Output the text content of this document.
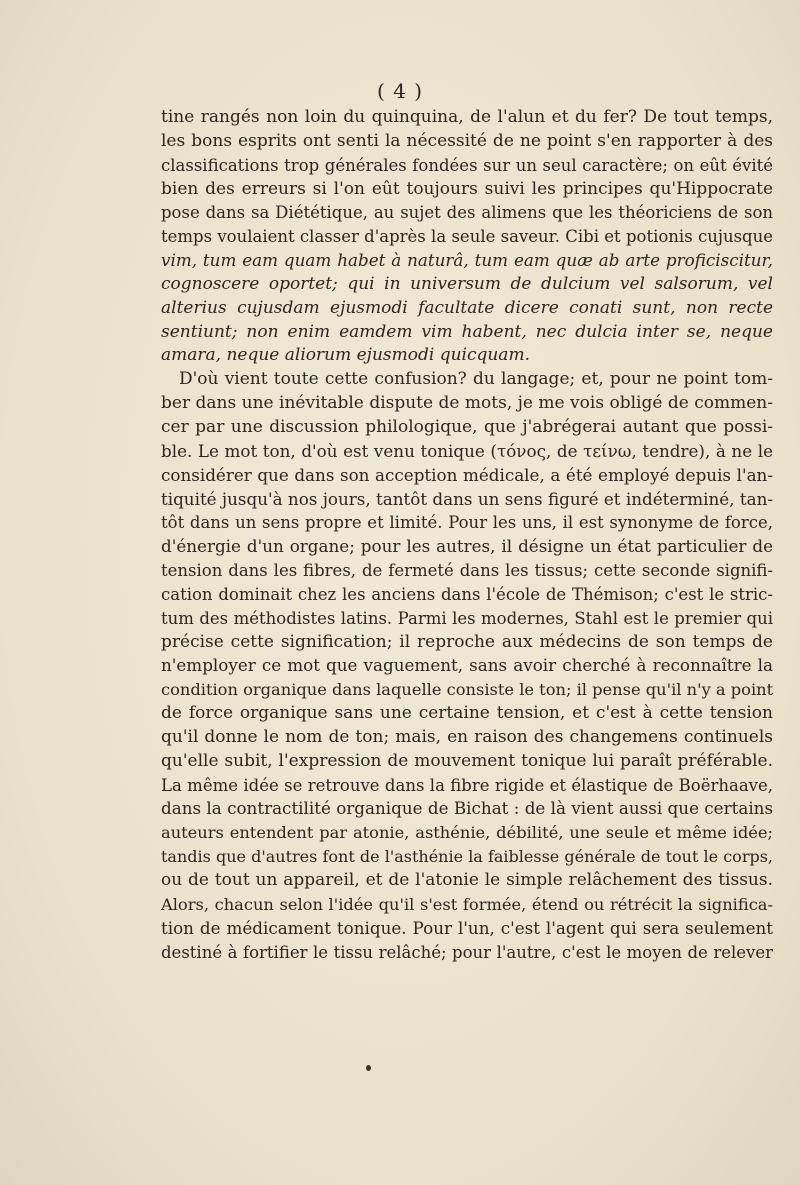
( 4 )
tine rangés non loin du quinquina, de l'alun et du fer? De tout temps,
les bons esprits ont senti la nécessité de ne point s'en rapporter à des
classifications trop générales fondées sur un seul caractère; on eût évité
bien des erreurs si l'on eût toujours suivi les principes qu'Hippocrate
pose dans sa Diététique, au sujet des alimens que les théoriciens de son
temps voulaient classer d'après la seule saveur. Cibi et potionis cujusque
vim, tum eam quam habet à naturâ, tum eam quæ ab arte proficiscitur,
cognoscere oportet; qui in universum de dulcium vel salsorum, vel
alterius cujusdam ejusmodi facultate dicere conati sunt, non recte
sentiunt; non enim eamdem vim habent, nec dulcia inter se, neque
amara, neque aliorum ejusmodi quicquam.
D'où vient toute cette confusion? du langage; et, pour ne point tom-
ber dans une inévitable dispute de mots, je me vois obligé de commen-
cer par une discussion philologique, que j'abrégerai autant que possi-
ble. Le mot ton, d'où est venu tonique (τόνος, de τείνω, tendre), à ne le
considérer que dans son acception médicale, a été employé depuis l'an-
tiquité jusqu'à nos jours, tantôt dans un sens figuré et indéterminé, tan-
tôt dans un sens propre et limité. Pour les uns, il est synonyme de force,
d'énergie d'un organe; pour les autres, il désigne un état particulier de
tension dans les fibres, de fermeté dans les tissus; cette seconde signifi-
cation dominait chez les anciens dans l'école de Thémison; c'est le stric-
tum des méthodistes latins. Parmi les modernes, Stahl est le premier qui
précise cette signification; il reproche aux médecins de son temps de
n'employer ce mot que vaguement, sans avoir cherché à reconnaître la
condition organique dans laquelle consiste le ton; il pense qu'il n'y a point
de force organique sans une certaine tension, et c'est à cette tension
qu'il donne le nom de ton; mais, en raison des changemens continuels
qu'elle subit, l'expression de mouvement tonique lui paraît préférable.
La même idée se retrouve dans la fibre rigide et élastique de Boërhaave,
dans la contractilité organique de Bichat : de là vient aussi que certains
auteurs entendent par atonie, asthénie, débilité, une seule et même idée;
tandis que d'autres font de l'asthénie la faiblesse générale de tout le corps,
ou de tout un appareil, et de l'atonie le simple relâchement des tissus.
Alors, chacun selon l'idée qu'il s'est formée, étend ou rétrécit la significa-
tion de médicament tonique. Pour l'un, c'est l'agent qui sera seulement
destiné à fortifier le tissu relâché; pour l'autre, c'est le moyen de relever
